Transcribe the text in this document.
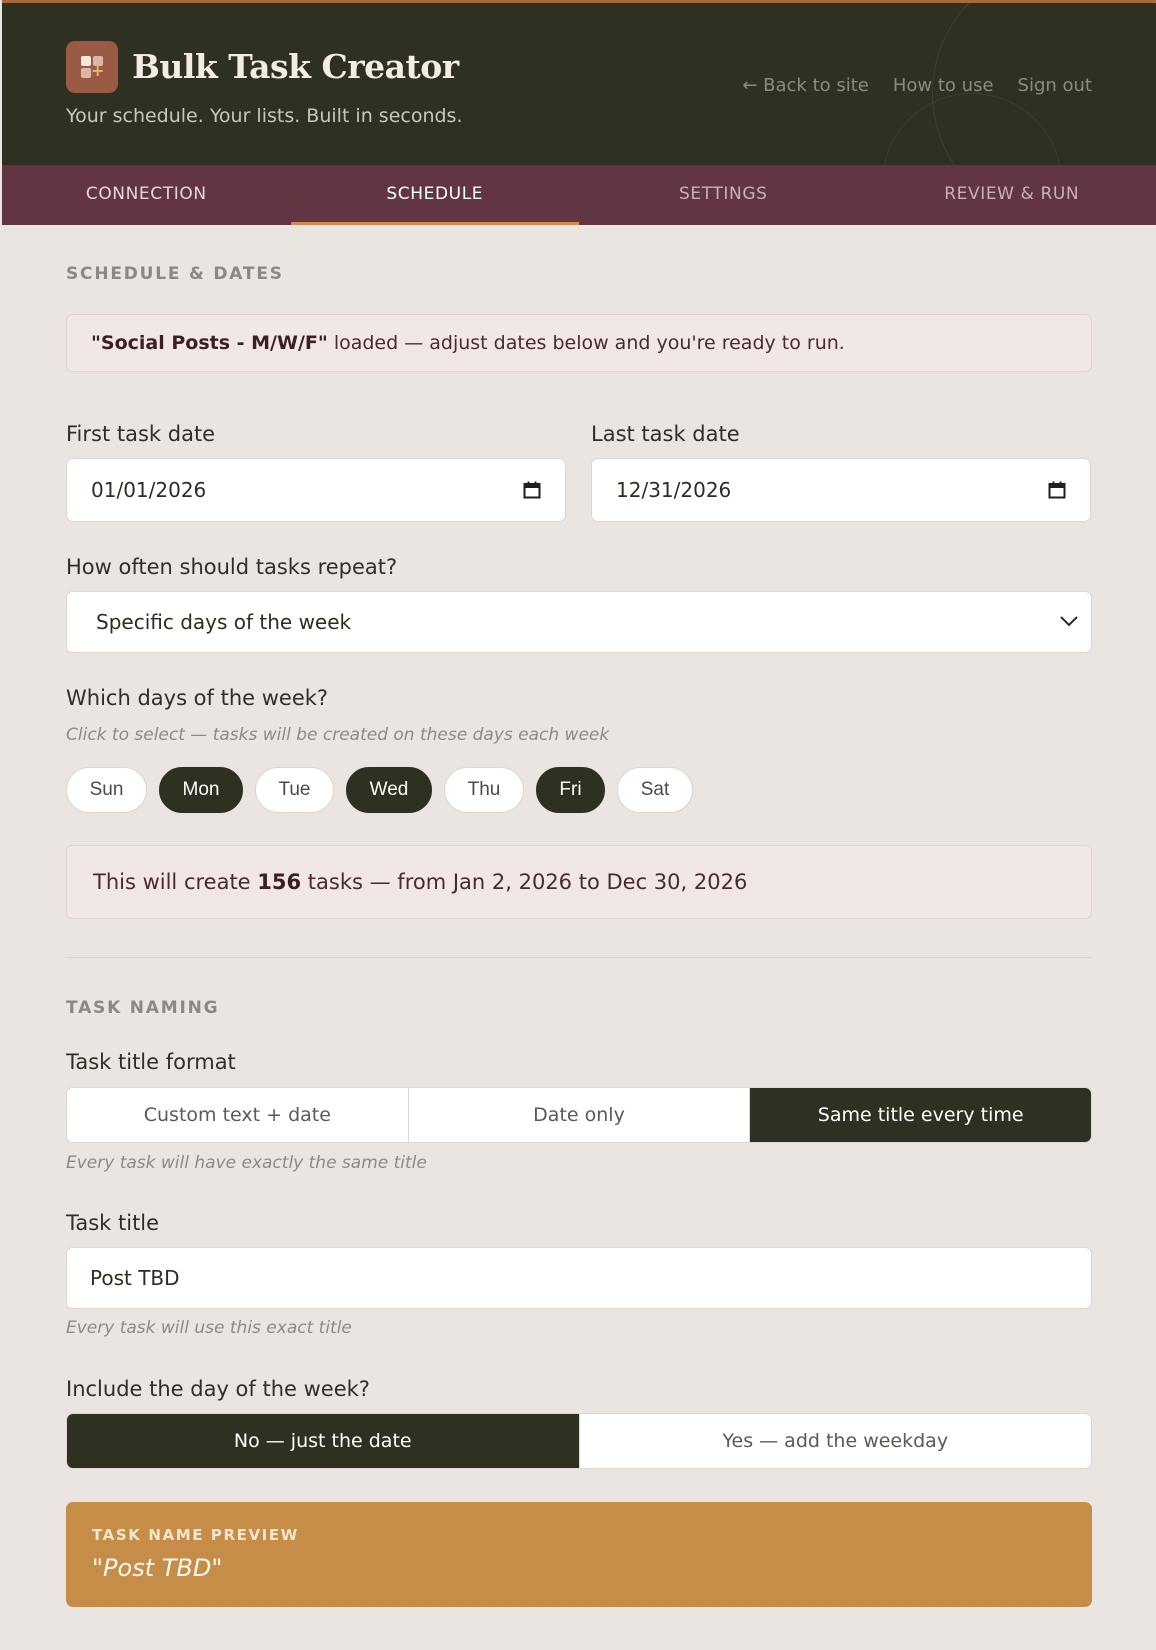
+ Bulk Task Creator
Your schedule. Your lists. Built in seconds.
← Back to site How to use Sign out
CONNECTION	SCHEDULE	SETTINGS	REVIEW & RUN
SCHEDULE & DATES
"Social Posts - M/W/F" loaded — adjust dates below and you're ready to run.
First task date
01/01/2026
Last task date
12/31/2026
How often should tasks repeat?
Specific days of the week
Which days of the week?
Click to select — tasks will be created on these days each week
Sun	Mon	Tue	Wed	Thu	Fri	Sat
This will create 156 tasks — from Jan 2, 2026 to Dec 30, 2026
TASK NAMING
Task title format
Custom text + date	Date only	Same title every time
Every task will have exactly the same title
Task title
Post TBD
Every task will use this exact title
Include the day of the week?
No — just the date	Yes — add the weekday
TASK NAME PREVIEW
"Post TBD"
